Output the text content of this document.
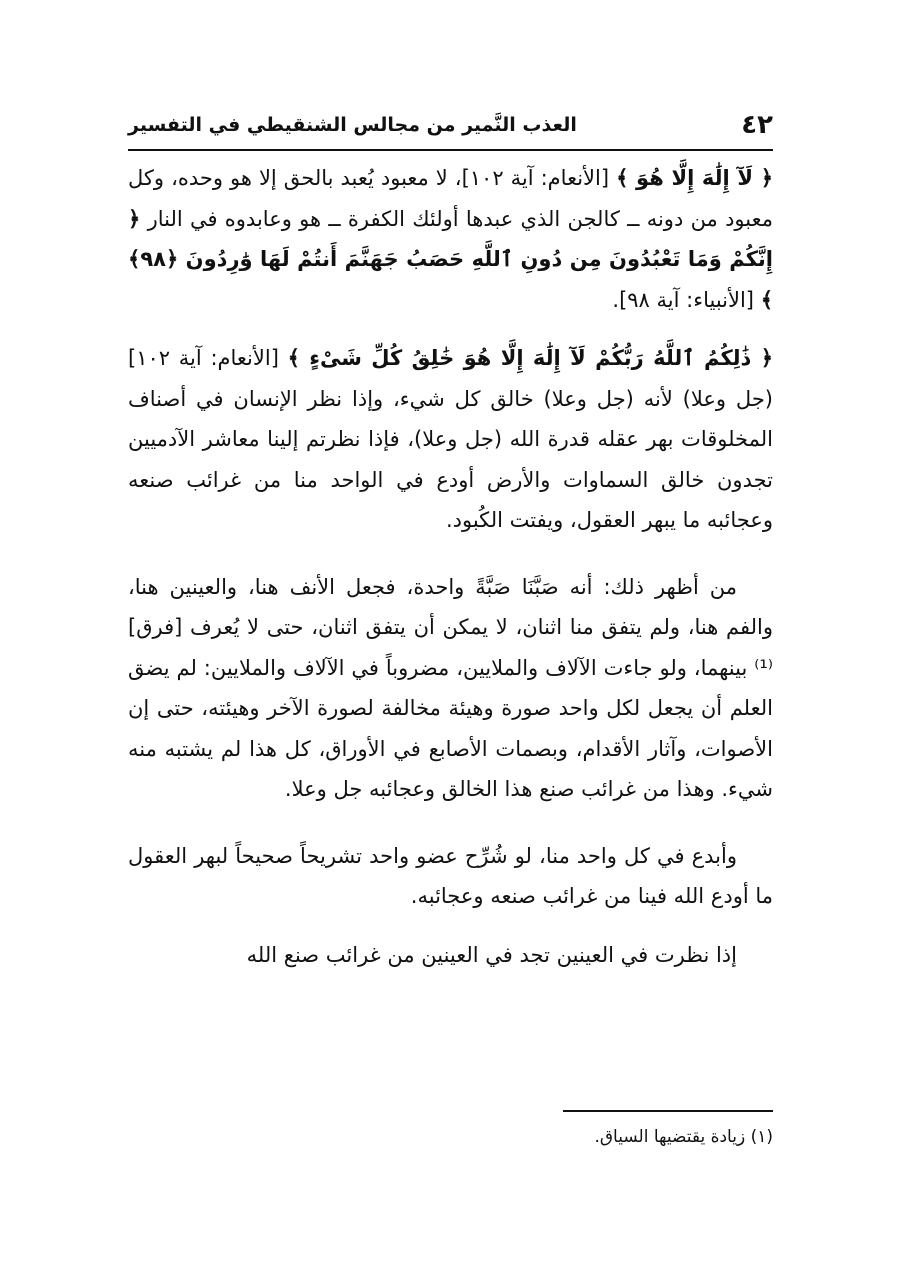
٤٢
العذب النَّمير من مجالس الشنقيطي في التفسير

﴿ لَآ إِلَٰهَ إِلَّا هُوَ ﴾ [الأنعام: آية ١٠٢]، لا معبود يُعبد بالحق إلا هو وحده، وكل معبود من دونه ــ كالجن الذي عبدها أولئك الكفرة ــ هو وعابدوه في النار ﴿ إِنَّكُمْ وَمَا تَعْبُدُونَ مِن دُونِ ٱللَّهِ حَصَبُ جَهَنَّمَ أَنتُمْ لَهَا وَٰرِدُونَ ﴿٩٨﴾ ﴾ [الأنبياء: آية ٩٨].

﴿ ذَٰلِكُمُ ٱللَّهُ رَبُّكُمْ لَآ إِلَٰهَ إِلَّا هُوَ خَٰلِقُ كُلِّ شَىْءٍ ﴾ [الأنعام: آية ١٠٢] (جل وعلا) لأنه (جل وعلا) خالق كل شيء، وإذا نظر الإنسان في أصناف المخلوقات بهر عقله قدرة الله (جل وعلا)، فإذا نظرتم إلينا معاشر الآدميين تجدون خالق السماوات والأرض أودع في الواحد منا من غرائب صنعه وعجائبه ما يبهر العقول، ويفتت الكُبود.

من أظهر ذلك: أنه صَبَّنَا صَبَّةً واحدة، فجعل الأنف هنا، والعينين هنا، والفم هنا، ولم يتفق منا اثنان، لا يمكن أن يتفق اثنان، حتى لا يُعرف [فرق]⁽¹⁾ بينهما، ولو جاءت الآلاف والملايين، مضروباً في الآلاف والملايين: لم يضق العلم أن يجعل لكل واحد صورة وهيئة مخالفة لصورة الآخر وهيئته، حتى إن الأصوات، وآثار الأقدام، وبصمات الأصابع في الأوراق، كل هذا لم يشتبه منه شيء. وهذا من غرائب صنع هذا الخالق وعجائبه جل وعلا.

وأبدع في كل واحد منا، لو شُرِّح عضو واحد تشريحاً صحيحاً لبهر العقول ما أودع الله فينا من غرائب صنعه وعجائبه.

إذا نظرت في العينين تجد في العينين من غرائب صنع الله

(١) زيادة يقتضيها السياق.
